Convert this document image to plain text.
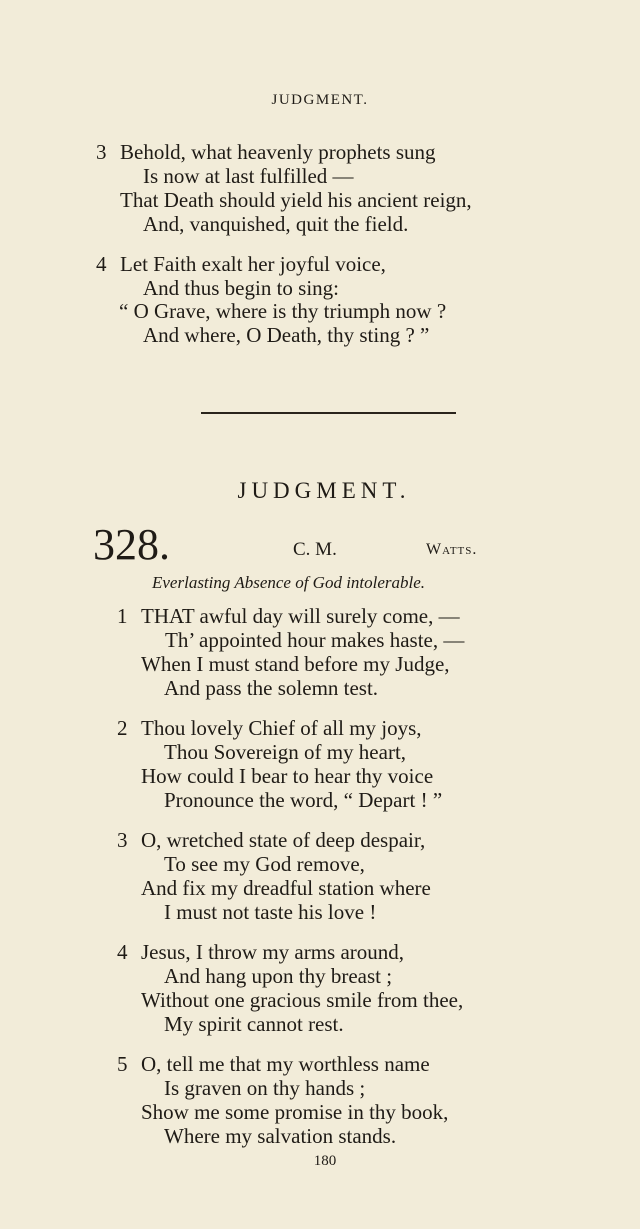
JUDGMENT.
3 Behold, what heavenly prophets sung
Is now at last fulfilled —
That Death should yield his ancient reign,
And, vanquished, quit the field.
4 Let Faith exalt her joyful voice,
And thus begin to sing:
“ O Grave, where is thy triumph now ?
And where, O Death, thy sting ? ”
JUDGMENT.
328.	C. M.	Watts.
Everlasting Absence of God intolerable.
1 THAT awful day will surely come, —
Th’ appointed hour makes haste, —
When I must stand before my Judge,
And pass the solemn test.
2 Thou lovely Chief of all my joys,
Thou Sovereign of my heart,
How could I bear to hear thy voice
Pronounce the word, “ Depart ! ”
3 O, wretched state of deep despair,
To see my God remove,
And fix my dreadful station where
I must not taste his love !
4 Jesus, I throw my arms around,
And hang upon thy breast ;
Without one gracious smile from thee,
My spirit cannot rest.
5 O, tell me that my worthless name
Is graven on thy hands ;
Show me some promise in thy book,
Where my salvation stands.
180
